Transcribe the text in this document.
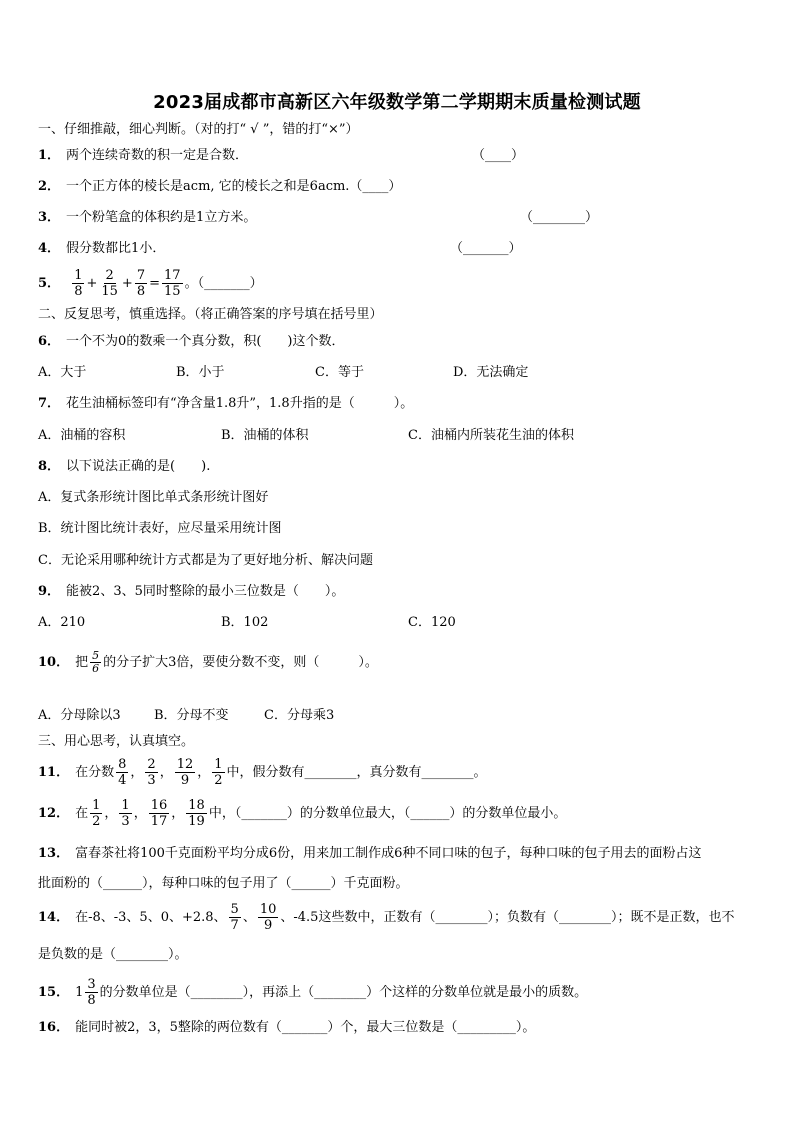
2023届成都市高新区六年级数学第二学期期末质量检测试题
一、仔细推敲，细心判断。（对的打“ √ ”，错的打“×”）
1． 两个连续奇数的积一定是合数．	（____）
2． 一个正方体的棱长是acm, 它的棱长之和是6acm.（____）
3． 一个粉笔盒的体积约是1立方米。	（________）
4． 假分数都比1小．	（_______）
5． $\frac{1}{8} + \frac{2}{15} + \frac{7}{8} = \frac{17}{15}$ 。（_______）
二、反复思考，慎重选择。（将正确答案的序号填在括号里）
6． 一个不为0的数乘一个真分数，积(　　)这个数．
A．大于	B．小于	C．等于	D．无法确定
7． 花生油桶标签印有“净含量1.8升”，1.8升指的是（　　　）。
A．油桶的容积	B．油桶的体积	C．油桶内所装花生油的体积
8． 以下说法正确的是(　　).
A．复式条形统计图比单式条形统计图好
B．统计图比统计表好，应尽量采用统计图
C．无论采用哪种统计方式都是为了更好地分析、解决问题
9． 能被2、3、5同时整除的最小三位数是（　　）。
A．210	B．102	C．120
10． 把 $\frac{5}{6}$ 的分子扩大3倍，要使分数不变，则（　　　）。
A．分母除以3	B．分母不变	C．分母乘3
三、用心思考，认真填空。
11． 在分数 $\frac{8}{4}$ ， $\frac{2}{3}$ ， $\frac{12}{9}$ ， $\frac{1}{2}$ 中，假分数有________，真分数有________。
12． 在 $\frac{1}{2}$ ， $\frac{1}{3}$ ， $\frac{16}{17}$ ， $\frac{18}{19}$ 中，（_______）的分数单位最大，（______）的分数单位最小。
13． 富春茶社将100千克面粉平均分成6份，用来加工制作成6种不同口味的包子，每种口味的包子用去的面粉占这
批面粉的（______），每种口味的包子用了（______）千克面粉。
14． 在-8、-3、5、0、+2.8、 $\frac{5}{7}$ 、 $\frac{10}{9}$ 、-4.5这些数中，正数有（________）；负数有（________）；既不是正数，也不
是负数的是（________）。
15． $1 \frac{3}{8}$ 的分数单位是（________），再添上（________）个这样的分数单位就是最小的质数。
16． 能同时被2，3，5整除的两位数有（_______）个，最大三位数是（_________）。
